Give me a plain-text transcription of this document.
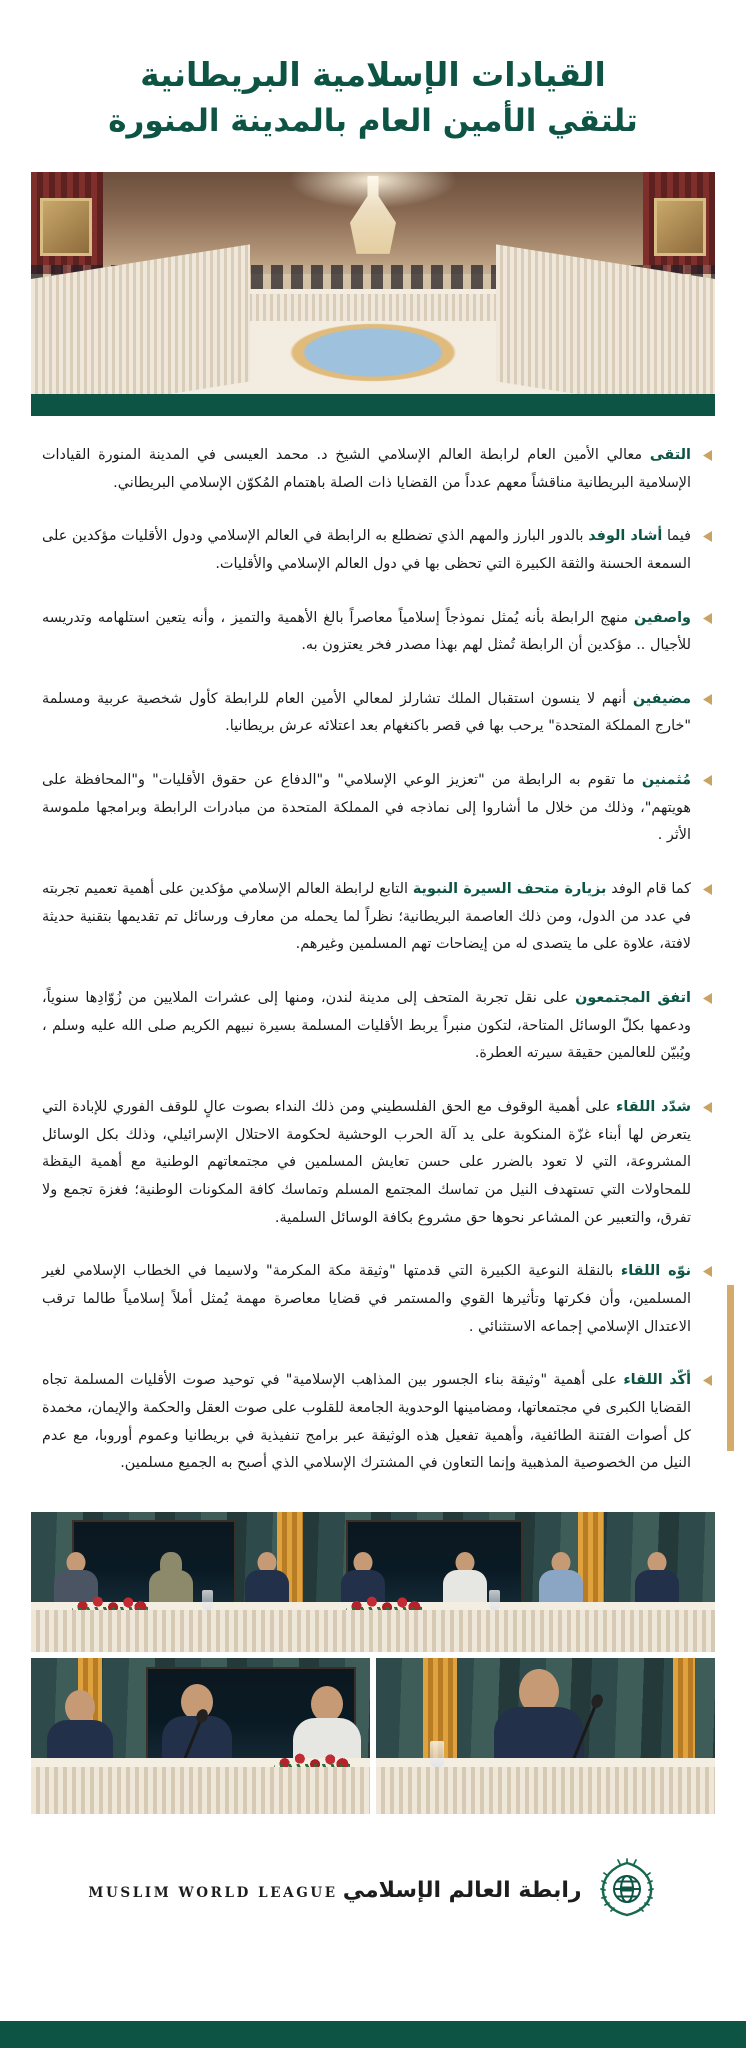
القيادات الإسلامية البريطانية
تلتقي الأمين العام بالمدينة المنورة

التقى معالي الأمين العام لرابطة العالم الإسلامي الشيخ د. محمد العيسى في المدينة المنورة القيادات الإسلامية البريطانية مناقشاً معهم عدداً من القضايا ذات الصلة باهتمام المُكوّن الإسلامي البريطاني.

فيما أشاد الوفد بالدور البارز والمهم الذي تضطلع به الرابطة في العالم الإسلامي ودول الأقليات مؤكدين على السمعة الحسنة والثقة الكبيرة التي تحظى بها في دول العالم الإسلامي والأقليات.

واصفين منهج الرابطة بأنه يُمثل نموذجاً إسلامياً معاصراً بالغ الأهمية والتميز ، وأنه يتعين استلهامه وتدريسه للأجيال .. مؤكدين أن الرابطة تُمثل لهم بهذا مصدر فخر يعتزون به.

مضيفين أنهم لا ينسون استقبال الملك تشارلز لمعالي الأمين العام للرابطة كأول شخصية عربية ومسلمة "خارج المملكة المتحدة" يرحب بها في قصر باكنغهام بعد اعتلائه عرش بريطانيا.

مُثمنين ما تقوم به الرابطة من "تعزيز الوعي الإسلامي" و"الدفاع عن حقوق الأقليات" و"المحافظة على هويتهم"، وذلك من خلال ما أشاروا إلى نماذجه في المملكة المتحدة من مبادرات الرابطة وبرامجها ملموسة الأثر .

كما قام الوفد بزيارة متحف السيرة النبوية التابع لرابطة العالم الإسلامي مؤكدين على أهمية تعميم تجربته في عدد من الدول، ومن ذلك العاصمة البريطانية؛ نظراً لما يحمله من معارف ورسائل تم تقديمها بتقنية حديثة لافتة، علاوة على ما يتصدى له من إيضاحات تهم المسلمين وغيرهم.

اتفق المجتمعون على نقل تجربة المتحف إلى مدينة لندن، ومنها إلى عشرات الملايين من زُوّادِها سنوياً، ودعمها بكلّ الوسائل المتاحة، لتكون منبراً يربط الأقليات المسلمة بسيرة نبيهم الكريم صلى الله عليه وسلم ، ويُبيّن للعالمين حقيقة سيرته العطرة.

شدّد اللقاء على أهمية الوقوف مع الحق الفلسطيني ومن ذلك النداء بصوت عالٍ للوقف الفوري للإبادة التي يتعرض لها أبناء غزّة المنكوبة على يد آلة الحرب الوحشية لحكومة الاحتلال الإسرائيلي، وذلك بكل الوسائل المشروعة، التي لا تعود بالضرر على حسن تعايش المسلمين في مجتمعاتهم الوطنية مع أهمية اليقظة للمحاولات التي تستهدف النيل من تماسك المجتمع المسلم وتماسك كافة المكونات الوطنية؛ فغزة تجمع ولا تفرق، والتعبير عن المشاعر نحوها حق مشروع بكافة الوسائل السلمية.

نوّه اللقاء بالنقلة النوعية الكبيرة التي قدمتها "وثيقة مكة المكرمة" ولاسيما في الخطاب الإسلامي لغير المسلمين، وأن فكرتها وتأثيرها القوي والمستمر في قضايا معاصرة مهمة يُمثل أملاً إسلامياً طالما ترقب الاعتدال الإسلامي إجماعه الاستثنائي .

أكّد اللقاء على أهمية "وثيقة بناء الجسور بين المذاهب الإسلامية" في توحيد صوت الأقليات المسلمة تجاه القضايا الكبرى في مجتمعاتها، ومضامينها الوحدوية الجامعة للقلوب على صوت العقل والحكمة والإيمان، مخمدة كل أصوات الفتنة الطائفية، وأهمية تفعيل هذه الوثيقة عبر برامج تنفيذية في بريطانيا وعموم أوروبا، مع عدم النيل من الخصوصية المذهبية وإنما التعاون في المشترك الإسلامي الذي أصبح به الجميع مسلمين.

رابطة العالم الإسلامي MUSLIM WORLD LEAGUE
